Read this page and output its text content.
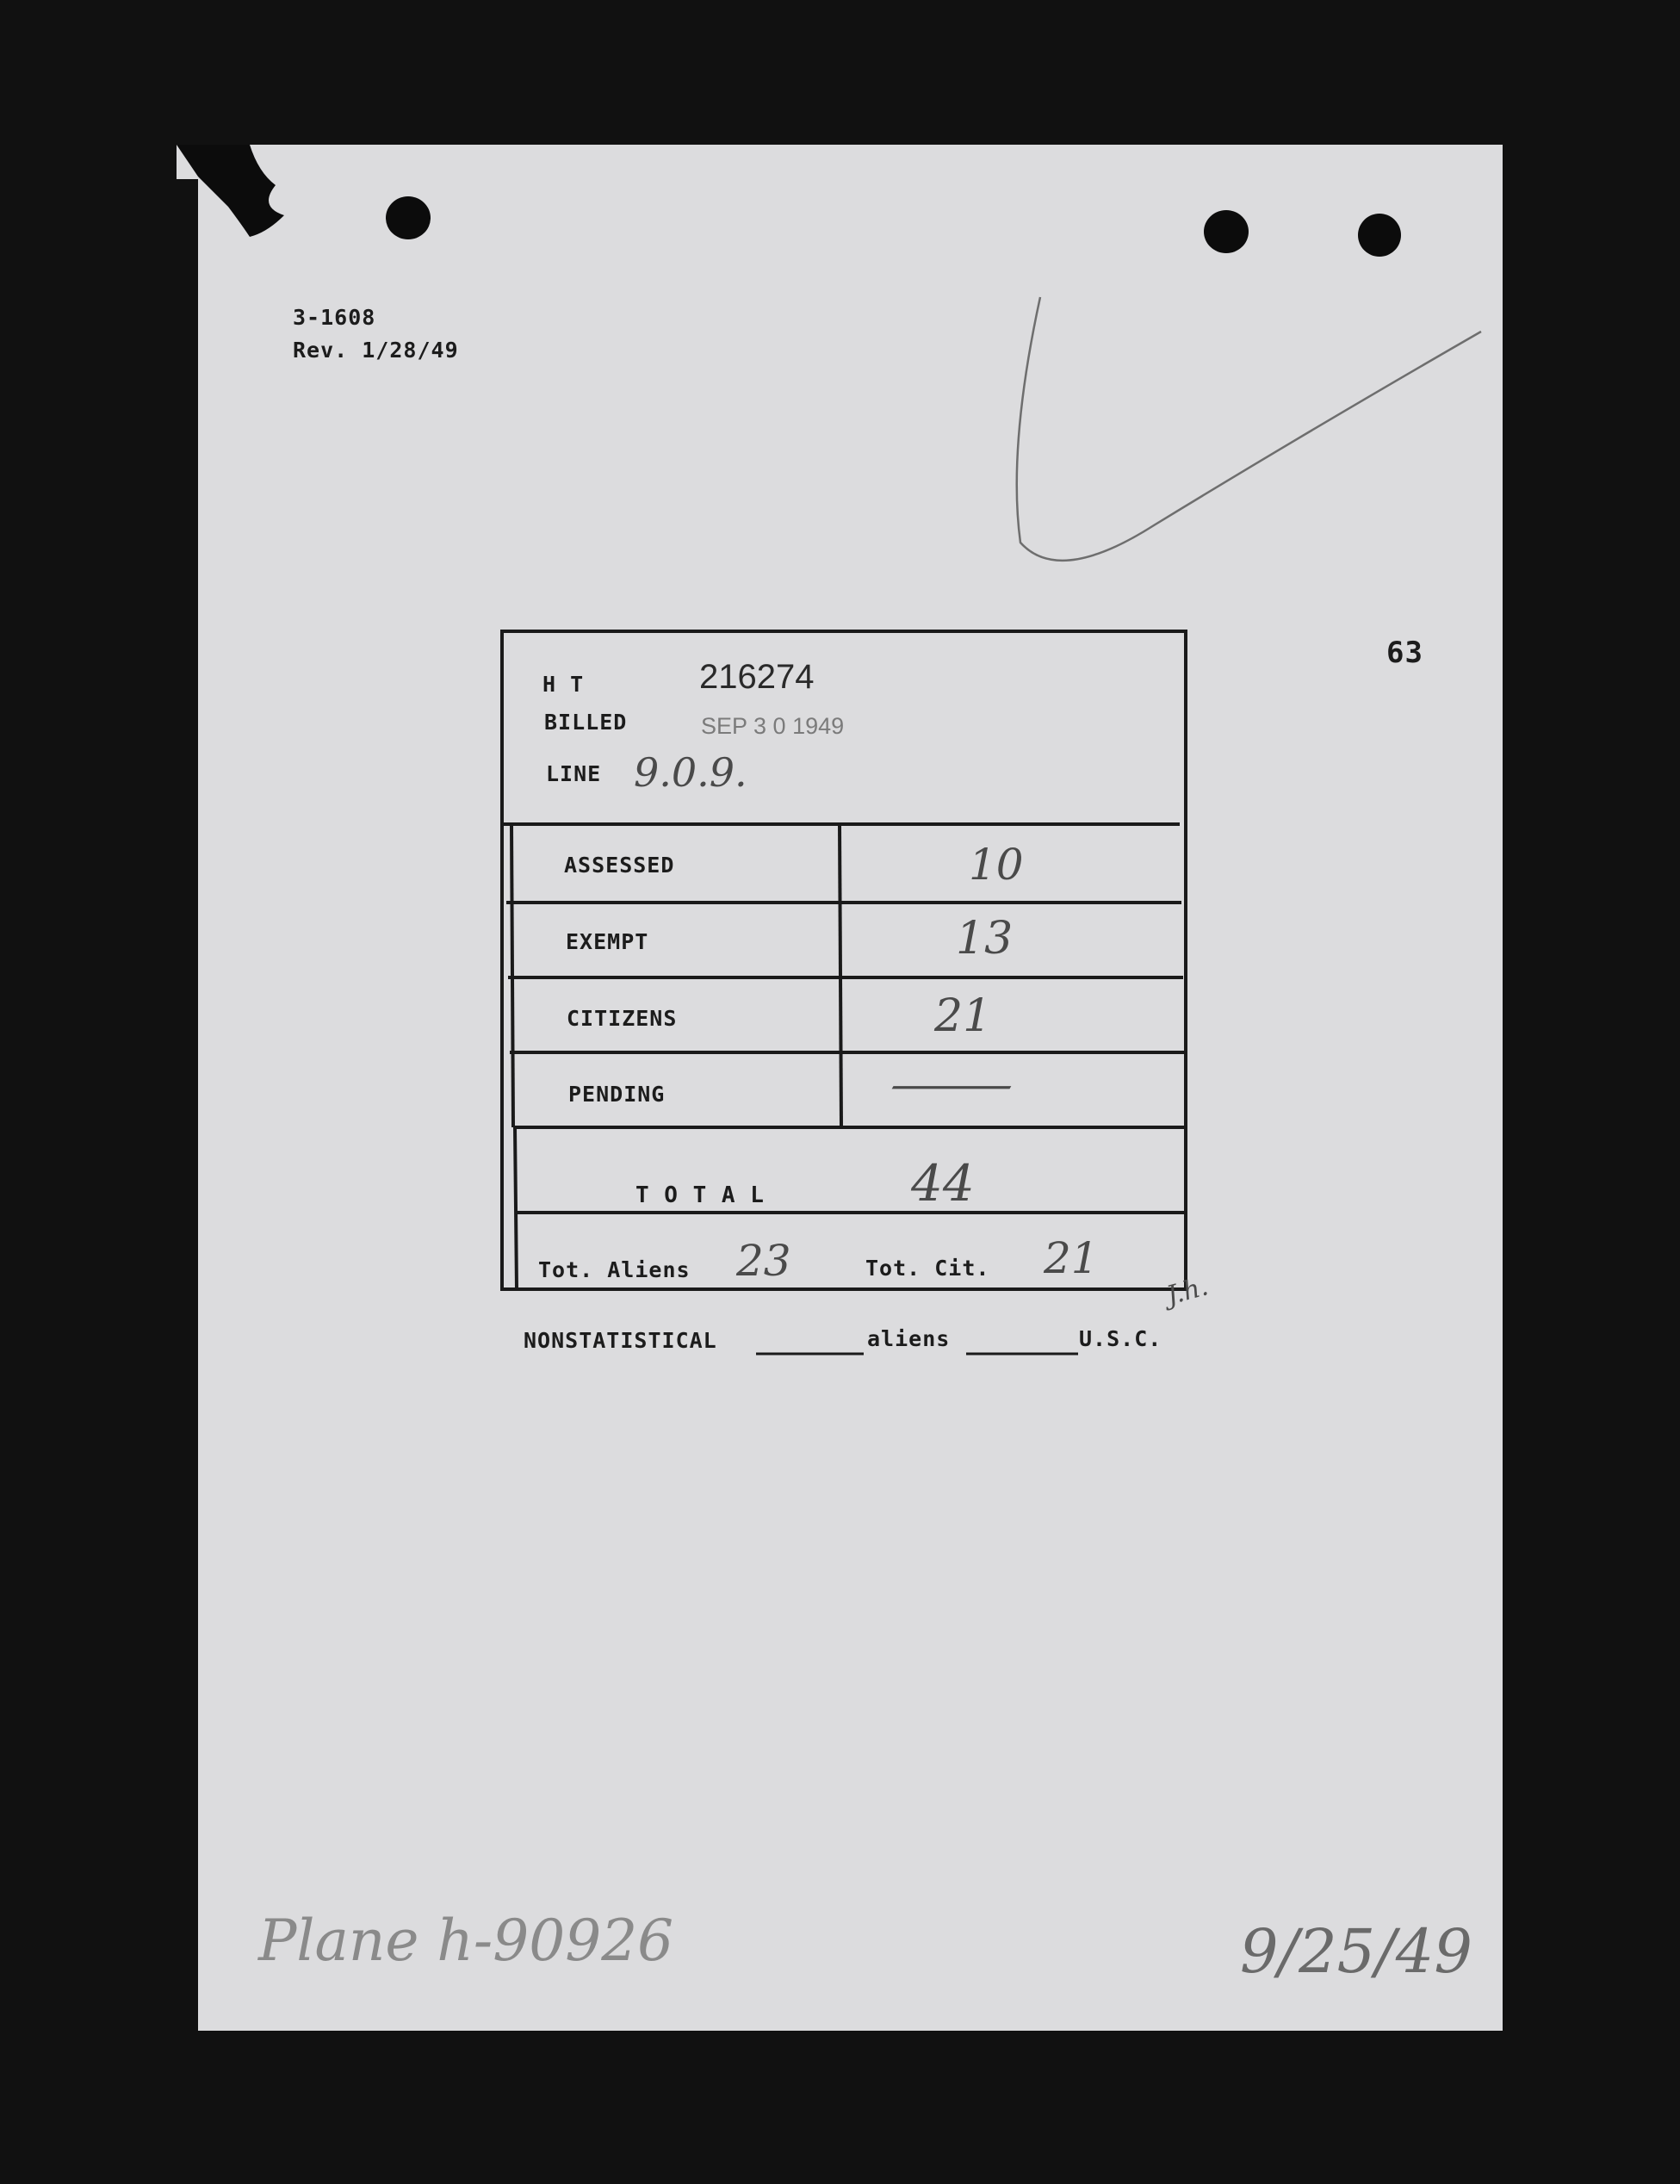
3-1608
Rev. 1/28/49
63
H T	216274
BILLED	SEP 3 0 1949
LINE 9.0.9.
ASSESSED	10
EXEMPT	13
CITIZENS	21
PENDING	—
T O T A L	44
Tot. Aliens 23	Tot. Cit. 21
J.h.
NONSTATISTICAL	aliens	U.S.C.
Plane h-90926	9/25/49
